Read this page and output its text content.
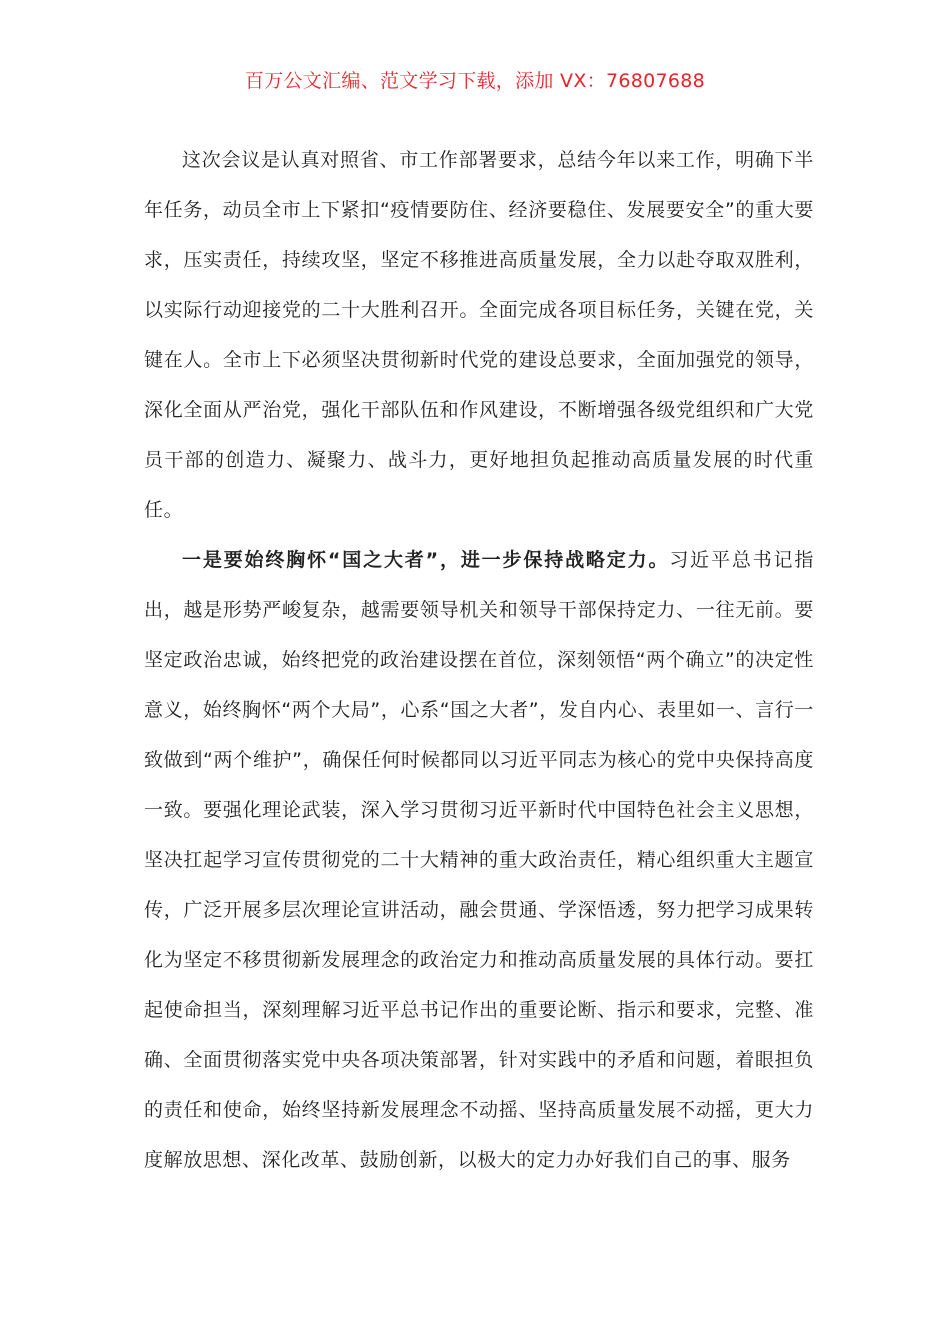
百万公文汇编、范文学习下载，添加 VX：76807688

这次会议是认真对照省、市工作部署要求，总结今年以来工作，明确下半年任务，动员全市上下紧扣“疫情要防住、经济要稳住、发展要安全”的重大要求，压实责任，持续攻坚，坚定不移推进高质量发展，全力以赴夺取双胜利，以实际行动迎接党的二十大胜利召开。全面完成各项目标任务，关键在党，关键在人。全市上下必须坚决贯彻新时代党的建设总要求，全面加强党的领导，深化全面从严治党，强化干部队伍和作风建设，不断增强各级党组织和广大党员干部的创造力、凝聚力、战斗力，更好地担负起推动高质量发展的时代重任。

一是要始终胸怀“国之大者”，进一步保持战略定力。习近平总书记指出，越是形势严峻复杂，越需要领导机关和领导干部保持定力、一往无前。要坚定政治忠诚，始终把党的政治建设摆在首位，深刻领悟“两个确立”的决定性意义，始终胸怀“两个大局”，心系“国之大者”，发自内心、表里如一、言行一致做到“两个维护”，确保任何时候都同以习近平同志为核心的党中央保持高度一致。要强化理论武装，深入学习贯彻习近平新时代中国特色社会主义思想，坚决扛起学习宣传贯彻党的二十大精神的重大政治责任，精心组织重大主题宣传，广泛开展多层次理论宣讲活动，融会贯通、学深悟透，努力把学习成果转化为坚定不移贯彻新发展理念的政治定力和推动高质量发展的具体行动。要扛起使命担当，深刻理解习近平总书记作出的重要论断、指示和要求，完整、准确、全面贯彻落实党中央各项决策部署，针对实践中的矛盾和问题，着眼担负的责任和使命，始终坚持新发展理念不动摇、坚持高质量发展不动摇，更大力度解放思想、深化改革、鼓励创新，以极大的定力办好我们自己的事、服务
